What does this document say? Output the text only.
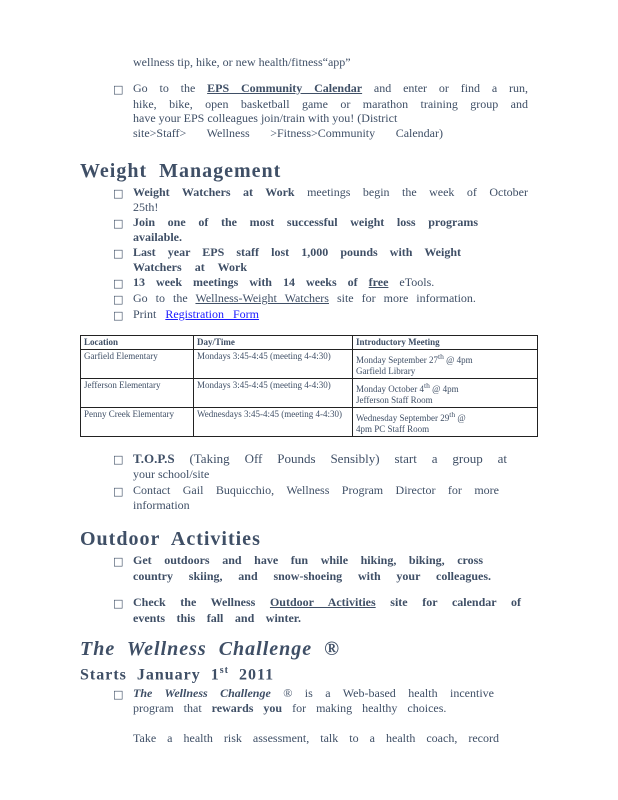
wellness tip, hike, or new health/fitness“app”
□ Go to the EPS Community Calendar and enter or find a run,
hike, bike, open basketball game or marathon training group and
have your EPS colleagues join/train with you! (District
site>Staff> Wellness >Fitness>Community Calendar)
Weight Management
□ Weight Watchers at Work meetings begin the week of October
25th!
□ Join one of the most successful weight loss programs
available.
□ Last year EPS staff lost 1,000 pounds with Weight
Watchers at Work
□ 13 week meetings with 14 weeks of free eTools.
□ Go to the Wellness-Weight Watchers site for more information.
□ Print Registration Form
Location	Day/Time	Introductory Meeting
Garfield Elementary	Mondays 3:45-4:45 (meeting 4-4:30)	Monday September 27th @ 4pm
Garfield Library
Jefferson Elementary	Mondays 3:45-4:45 (meeting 4-4:30)	Monday October 4th @ 4pm
Jefferson Staff Room
Penny Creek Elementary	Wednesdays 3:45-4:45 (meeting 4-4:30)	Wednesday September 29th @
4pm PC Staff Room
□ T.O.P.S (Taking Off Pounds Sensibly) start a group at
your school/site
□ Contact Gail Buquicchio, Wellness Program Director for more
information
Outdoor Activities
□ Get outdoors and have fun while hiking, biking, cross
country skiing, and snow-shoeing with your colleagues.
□ Check the Wellness Outdoor Activities site for calendar of
events this fall and winter.
The Wellness Challenge ®
Starts January 1st 2011
□ The Wellness Challenge ® is a Web-based health incentive
program that rewards you for making healthy choices.
Take a health risk assessment, talk to a health coach, record
